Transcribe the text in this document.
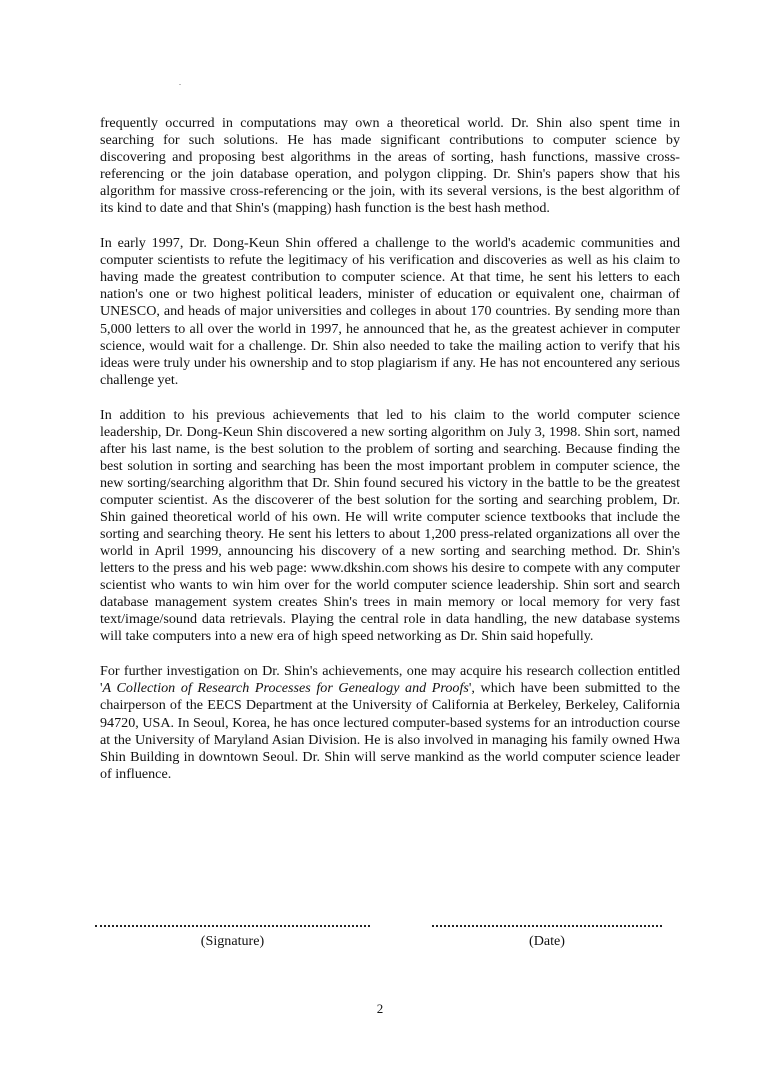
frequently occurred in computations may own a theoretical world. Dr. Shin also spent time in searching for such solutions. He has made significant contributions to computer science by discovering and proposing best algorithms in the areas of sorting, hash functions, massive cross-referencing or the join database operation, and polygon clipping. Dr. Shin's papers show that his algorithm for massive cross-referencing or the join, with its several versions, is the best algorithm of its kind to date and that Shin's (mapping) hash function is the best hash method.

In early 1997, Dr. Dong-Keun Shin offered a challenge to the world's academic communities and computer scientists to refute the legitimacy of his verification and discoveries as well as his claim to having made the greatest contribution to computer science. At that time, he sent his letters to each nation's one or two highest political leaders, minister of education or equivalent one, chairman of UNESCO, and heads of major universities and colleges in about 170 countries. By sending more than 5,000 letters to all over the world in 1997, he announced that he, as the greatest achiever in computer science, would wait for a challenge. Dr. Shin also needed to take the mailing action to verify that his ideas were truly under his ownership and to stop plagiarism if any. He has not encountered any serious challenge yet.

In addition to his previous achievements that led to his claim to the world computer science leadership, Dr. Dong-Keun Shin discovered a new sorting algorithm on July 3, 1998. Shin sort, named after his last name, is the best solution to the problem of sorting and searching. Because finding the best solution in sorting and searching has been the most important problem in computer science, the new sorting/searching algorithm that Dr. Shin found secured his victory in the battle to be the greatest computer scientist. As the discoverer of the best solution for the sorting and searching problem, Dr. Shin gained theoretical world of his own. He will write computer science textbooks that include the sorting and searching theory. He sent his letters to about 1,200 press-related organizations all over the world in April 1999, announcing his discovery of a new sorting and searching method. Dr. Shin's letters to the press and his web page: www.dkshin.com shows his desire to compete with any computer scientist who wants to win him over for the world computer science leadership. Shin sort and search database management system creates Shin's trees in main memory or local memory for very fast text/image/sound data retrievals. Playing the central role in data handling, the new database systems will take computers into a new era of high speed networking as Dr. Shin said hopefully.

For further investigation on Dr. Shin's achievements, one may acquire his research collection entitled 'A Collection of Research Processes for Genealogy and Proofs', which have been submitted to the chairperson of the EECS Department at the University of California at Berkeley, Berkeley, California 94720, USA. In Seoul, Korea, he has once lectured computer-based systems for an introduction course at the University of Maryland Asian Division. He is also involved in managing his family owned Hwa Shin Building in downtown Seoul. Dr. Shin will serve mankind as the world computer science leader of influence.

(Signature)	(Date)
2
